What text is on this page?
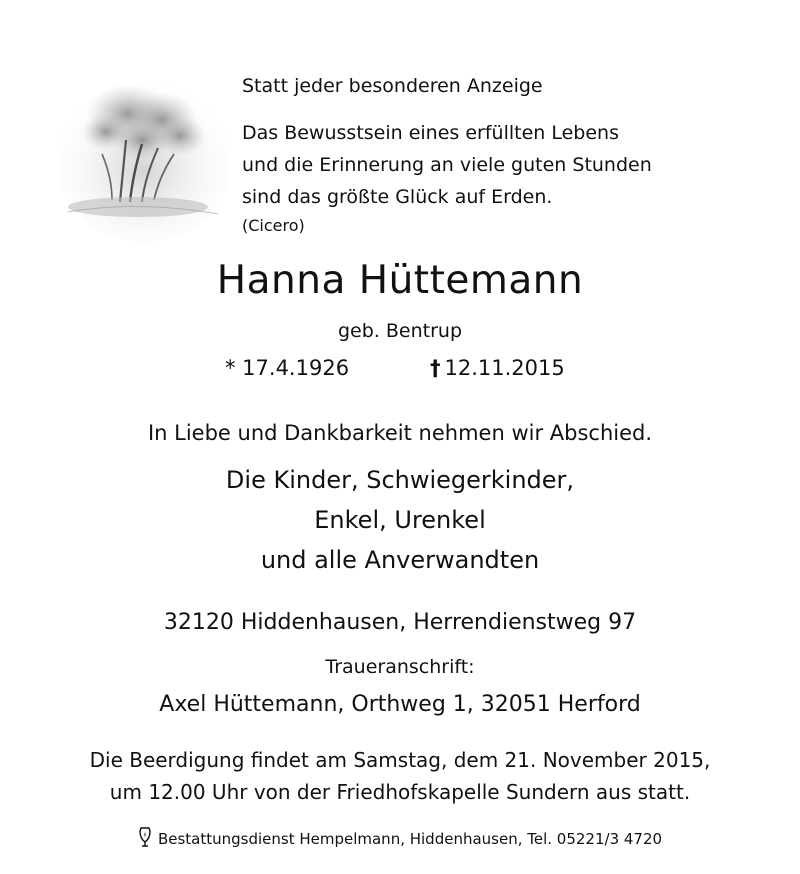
Statt jeder besonderen Anzeige
Das Bewusstsein eines erfüllten Lebens
und die Erinnerung an viele guten Stunden
sind das größte Glück auf Erden.
(Cicero)
Hanna Hüttemann
geb. Bentrup
* 17.4.1926	† 12.11.2015
In Liebe und Dankbarkeit nehmen wir Abschied.
Die Kinder, Schwiegerkinder,
Enkel, Urenkel
und alle Anverwandten
32120 Hiddenhausen, Herrendienstweg 97
Traueranschrift:
Axel Hüttemann, Orthweg 1, 32051 Herford
Die Beerdigung findet am Samstag, dem 21. November 2015,
um 12.00 Uhr von der Friedhofskapelle Sundern aus statt.
Bestattungsdienst Hempelmann, Hiddenhausen, Tel. 05221/3 4720
